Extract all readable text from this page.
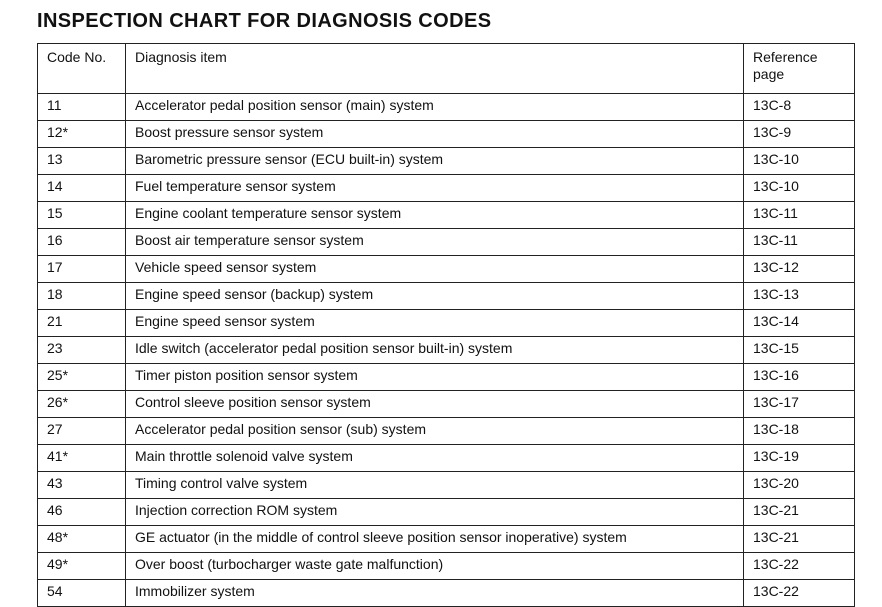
INSPECTION CHART FOR DIAGNOSIS CODES
Code No.	Diagnosis item	Reference page
11	Accelerator pedal position sensor (main) system	13C-8
12*	Boost pressure sensor system	13C-9
13	Barometric pressure sensor (ECU built-in) system	13C-10
14	Fuel temperature sensor system	13C-10
15	Engine coolant temperature sensor system	13C-11
16	Boost air temperature sensor system	13C-11
17	Vehicle speed sensor system	13C-12
18	Engine speed sensor (backup) system	13C-13
21	Engine speed sensor system	13C-14
23	Idle switch (accelerator pedal position sensor built-in) system	13C-15
25*	Timer piston position sensor system	13C-16
26*	Control sleeve position sensor system	13C-17
27	Accelerator pedal position sensor (sub) system	13C-18
41*	Main throttle solenoid valve system	13C-19
43	Timing control valve system	13C-20
46	Injection correction ROM system	13C-21
48*	GE actuator (in the middle of control sleeve position sensor inoperative) system	13C-21
49*	Over boost (turbocharger waste gate malfunction)	13C-22
54	Immobilizer system	13C-22
